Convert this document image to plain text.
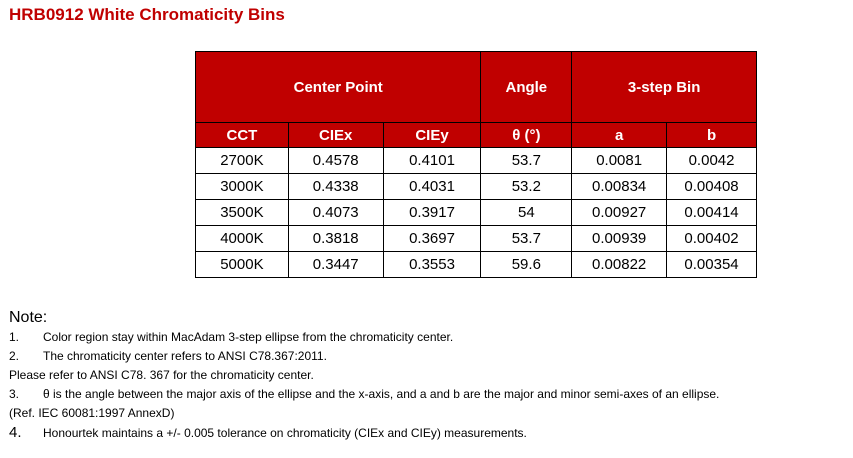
HRB0912 White Chromaticity Bins
Center Point			Angle	3-step Bin	
CCT	CIEx	CIEy	θ (°)	a	b
2700K	0.4578	0.4101	53.7	0.0081	0.0042
3000K	0.4338	0.4031	53.2	0.00834	0.00408
3500K	0.4073	0.3917	54	0.00927	0.00414
4000K	0.3818	0.3697	53.7	0.00939	0.00402
5000K	0.3447	0.3553	59.6	0.00822	0.00354
Note:
1. Color region stay within MacAdam 3-step ellipse from the chromaticity center.
2. The chromaticity center refers to ANSI C78.367:2011.
Please refer to ANSI C78. 367 for the chromaticity center.
3. θ is the angle between the major axis of the ellipse and the x-axis, and a and b are the major and minor semi-axes of an ellipse.
(Ref. IEC 60081:1997 AnnexD)
4. Honourtek maintains a +/- 0.005 tolerance on chromaticity (CIEx and CIEy) measurements.
